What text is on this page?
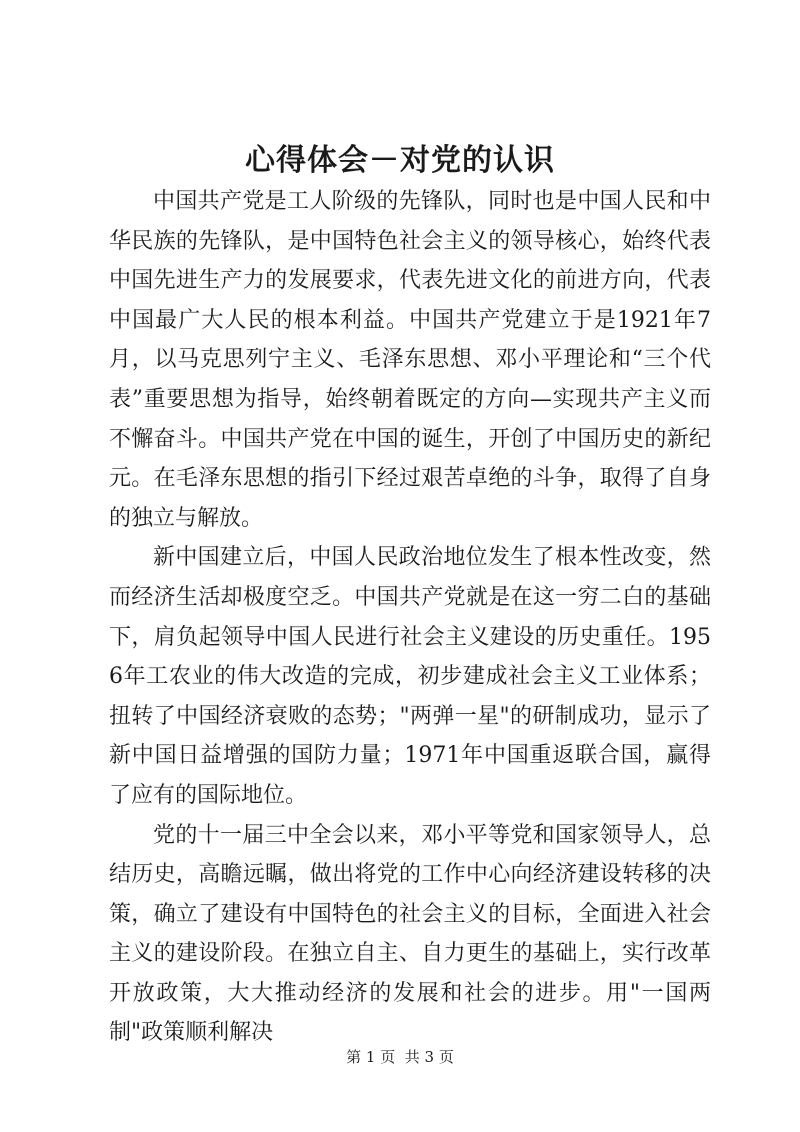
心得体会－对党的认识

中国共产党是工人阶级的先锋队，同时也是中国人民和中华民族的先锋队，是中国特色社会主义的领导核心，始终代表中国先进生产力的发展要求，代表先进文化的前进方向，代表中国最广大人民的根本利益。中国共产党建立于是1921年7月，以马克思列宁主义、毛泽东思想、邓小平理论和“三个代表”重要思想为指导，始终朝着既定的方向—实现共产主义而不懈奋斗。中国共产党在中国的诞生，开创了中国历史的新纪元。在毛泽东思想的指引下经过艰苦卓绝的斗争，取得了自身的独立与解放。

新中国建立后，中国人民政治地位发生了根本性改变，然而经济生活却极度空乏。中国共产党就是在这一穷二白的基础下，肩负起领导中国人民进行社会主义建设的历史重任。1956年工农业的伟大改造的完成，初步建成社会主义工业体系；扭转了中国经济衰败的态势；"两弹一星"的研制成功，显示了新中国日益增强的国防力量；1971年中国重返联合国，赢得了应有的国际地位。

党的十一届三中全会以来，邓小平等党和国家领导人，总结历史，高瞻远瞩，做出将党的工作中心向经济建设转移的决策，确立了建设有中国特色的社会主义的目标，全面进入社会主义的建设阶段。在独立自主、自力更生的基础上，实行改革开放政策，大大推动经济的发展和社会的进步。用"一国两制"政策顺利解决

第 1 页  共 3 页
